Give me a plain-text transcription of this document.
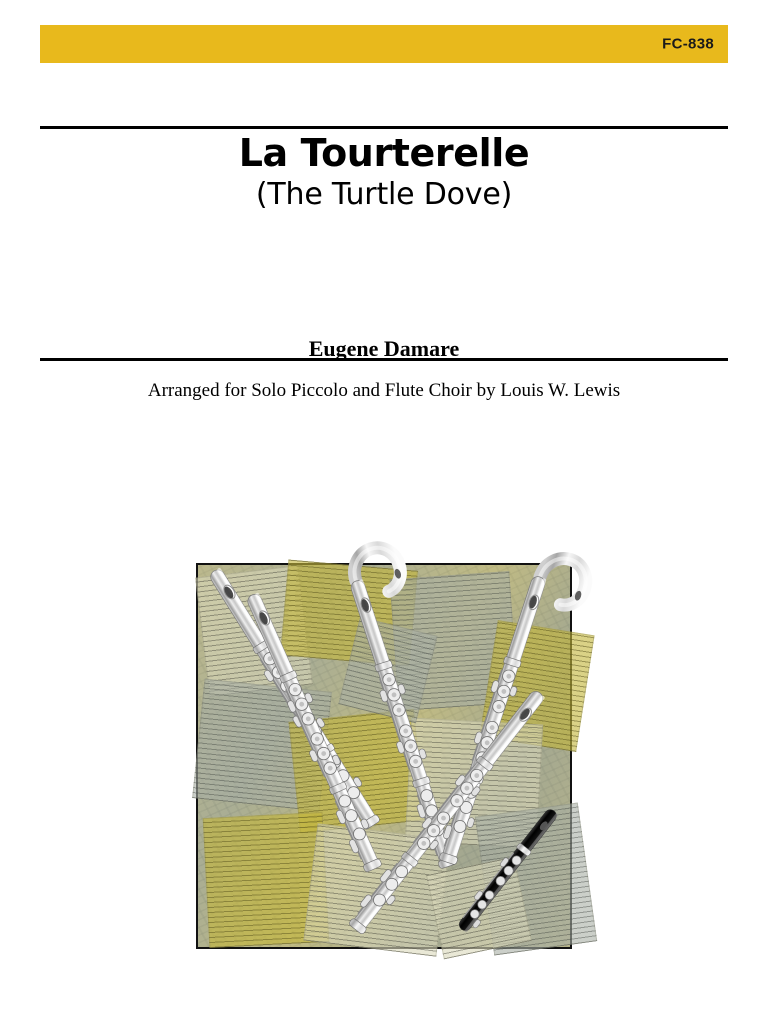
FC-838
La Tourterelle
(The Turtle Dove)
Eugene Damare
Arranged for Solo Piccolo and Flute Choir by Louis W. Lewis
